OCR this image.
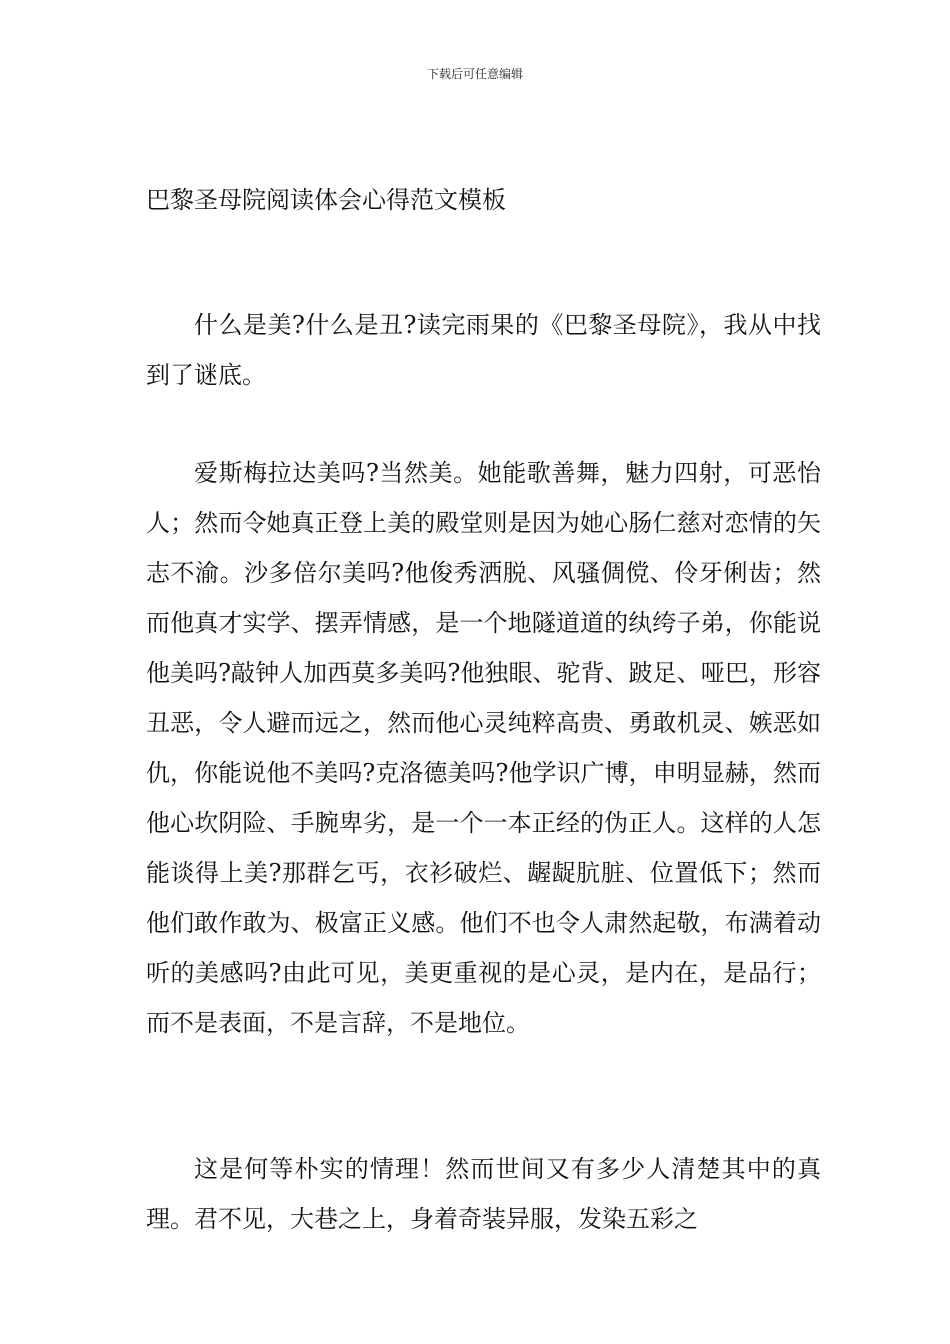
下载后可任意编辑
巴黎圣母院阅读体会心得范文模板

什么是美?什么是丑?读完雨果的《巴黎圣母院》，我从中找到了谜底。

爱斯梅拉达美吗?当然美。她能歌善舞，魅力四射，可恶怡人；然而令她真正登上美的殿堂则是因为她心肠仁慈对恋情的矢志不渝。沙多倍尔美吗?他俊秀洒脱、风骚倜傥、伶牙俐齿；然而他真才实学、摆弄情感，是一个地隧道道的纨绔子弟，你能说他美吗?敲钟人加西莫多美吗?他独眼、驼背、跛足、哑巴，形容丑恶，令人避而远之，然而他心灵纯粹高贵、勇敢机灵、嫉恶如仇，你能说他不美吗?克洛德美吗?他学识广博，申明显赫，然而他心坎阴险、手腕卑劣，是一个一本正经的伪正人。这样的人怎能谈得上美?那群乞丐，衣衫破烂、龌龊肮脏、位置低下；然而他们敢作敢为、极富正义感。他们不也令人肃然起敬，布满着动听的美感吗?由此可见，美更重视的是心灵，是内在，是品行；而不是表面，不是言辞，不是地位。

这是何等朴实的情理！然而世间又有多少人清楚其中的真理。君不见，大巷之上，身着奇装异服，发染五彩之
